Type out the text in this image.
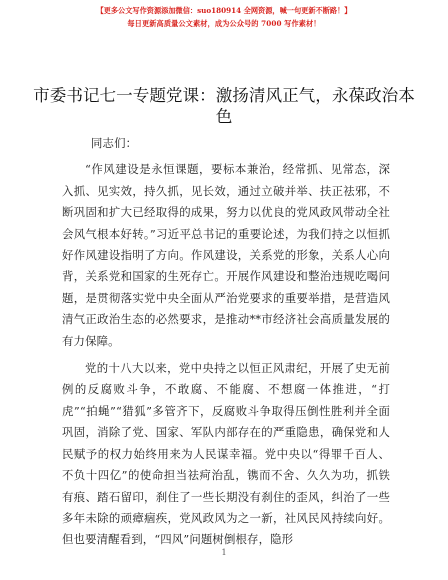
【更多公文写作资源添加微信：suo180914 全网资源，喊一句更新不断路！】
每日更新高质量公文素材，成为公众号的 7000 写作素材！
市委书记七一专题党课：激扬清风正气，永葆政治本色

同志们：

“作风建设是永恒课题，要标本兼治，经常抓、见常态，深入抓、见实效，持久抓，见长效，通过立破并举、扶正祛邪，不断巩固和扩大已经取得的成果，努力以优良的党风政风带动全社会风气根本好转。”习近平总书记的重要论述，为我们持之以恒抓好作风建设指明了方向。作风建设，关系党的形象，关系人心向背，关系党和国家的生死存亡。开展作风建设和整治违规吃喝问题，是贯彻落实党中央全面从严治党要求的重要举措，是营造风清气正政治生态的必然要求，是推动**市经济社会高质量发展的有力保障。

党的十八大以来，党中央持之以恒正风肃纪，开展了史无前例的反腐败斗争，不敢腐、不能腐、不想腐一体推进，“打虎”“拍蝇”“猎狐”多管齐下，反腐败斗争取得压倒性胜利并全面巩固，消除了党、国家、军队内部存在的严重隐患，确保党和人民赋予的权力始终用来为人民谋幸福。党中央以“得罪千百人、不负十四亿”的使命担当祛疴治乱，镌而不舍、久久为功，抓铁有痕、踏石留印，刹住了一些长期没有刹住的歪风，纠治了一些多年未除的顽瘴痼疾，党风政风为之一新，社风民风持续向好。但也要清醒看到，“四风”问题树倒根存，隐形

1
